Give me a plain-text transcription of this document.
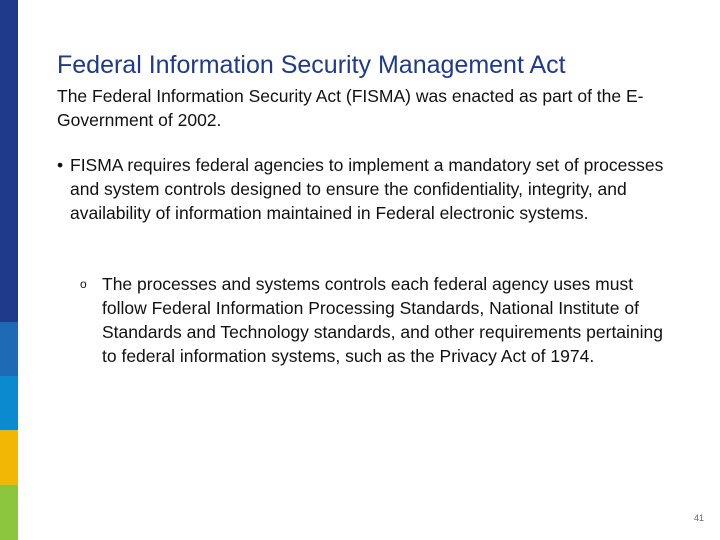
Federal Information Security Management Act

The Federal Information Security Act (FISMA) was enacted as part of the E-Government of 2002.

• FISMA requires federal agencies to implement a mandatory set of processes and system controls designed to ensure the confidentiality, integrity, and availability of information maintained in Federal electronic systems.
o The processes and systems controls each federal agency uses must follow Federal Information Processing Standards, National Institute of Standards and Technology standards, and other requirements pertaining to federal information systems, such as the Privacy Act of 1974.
41
